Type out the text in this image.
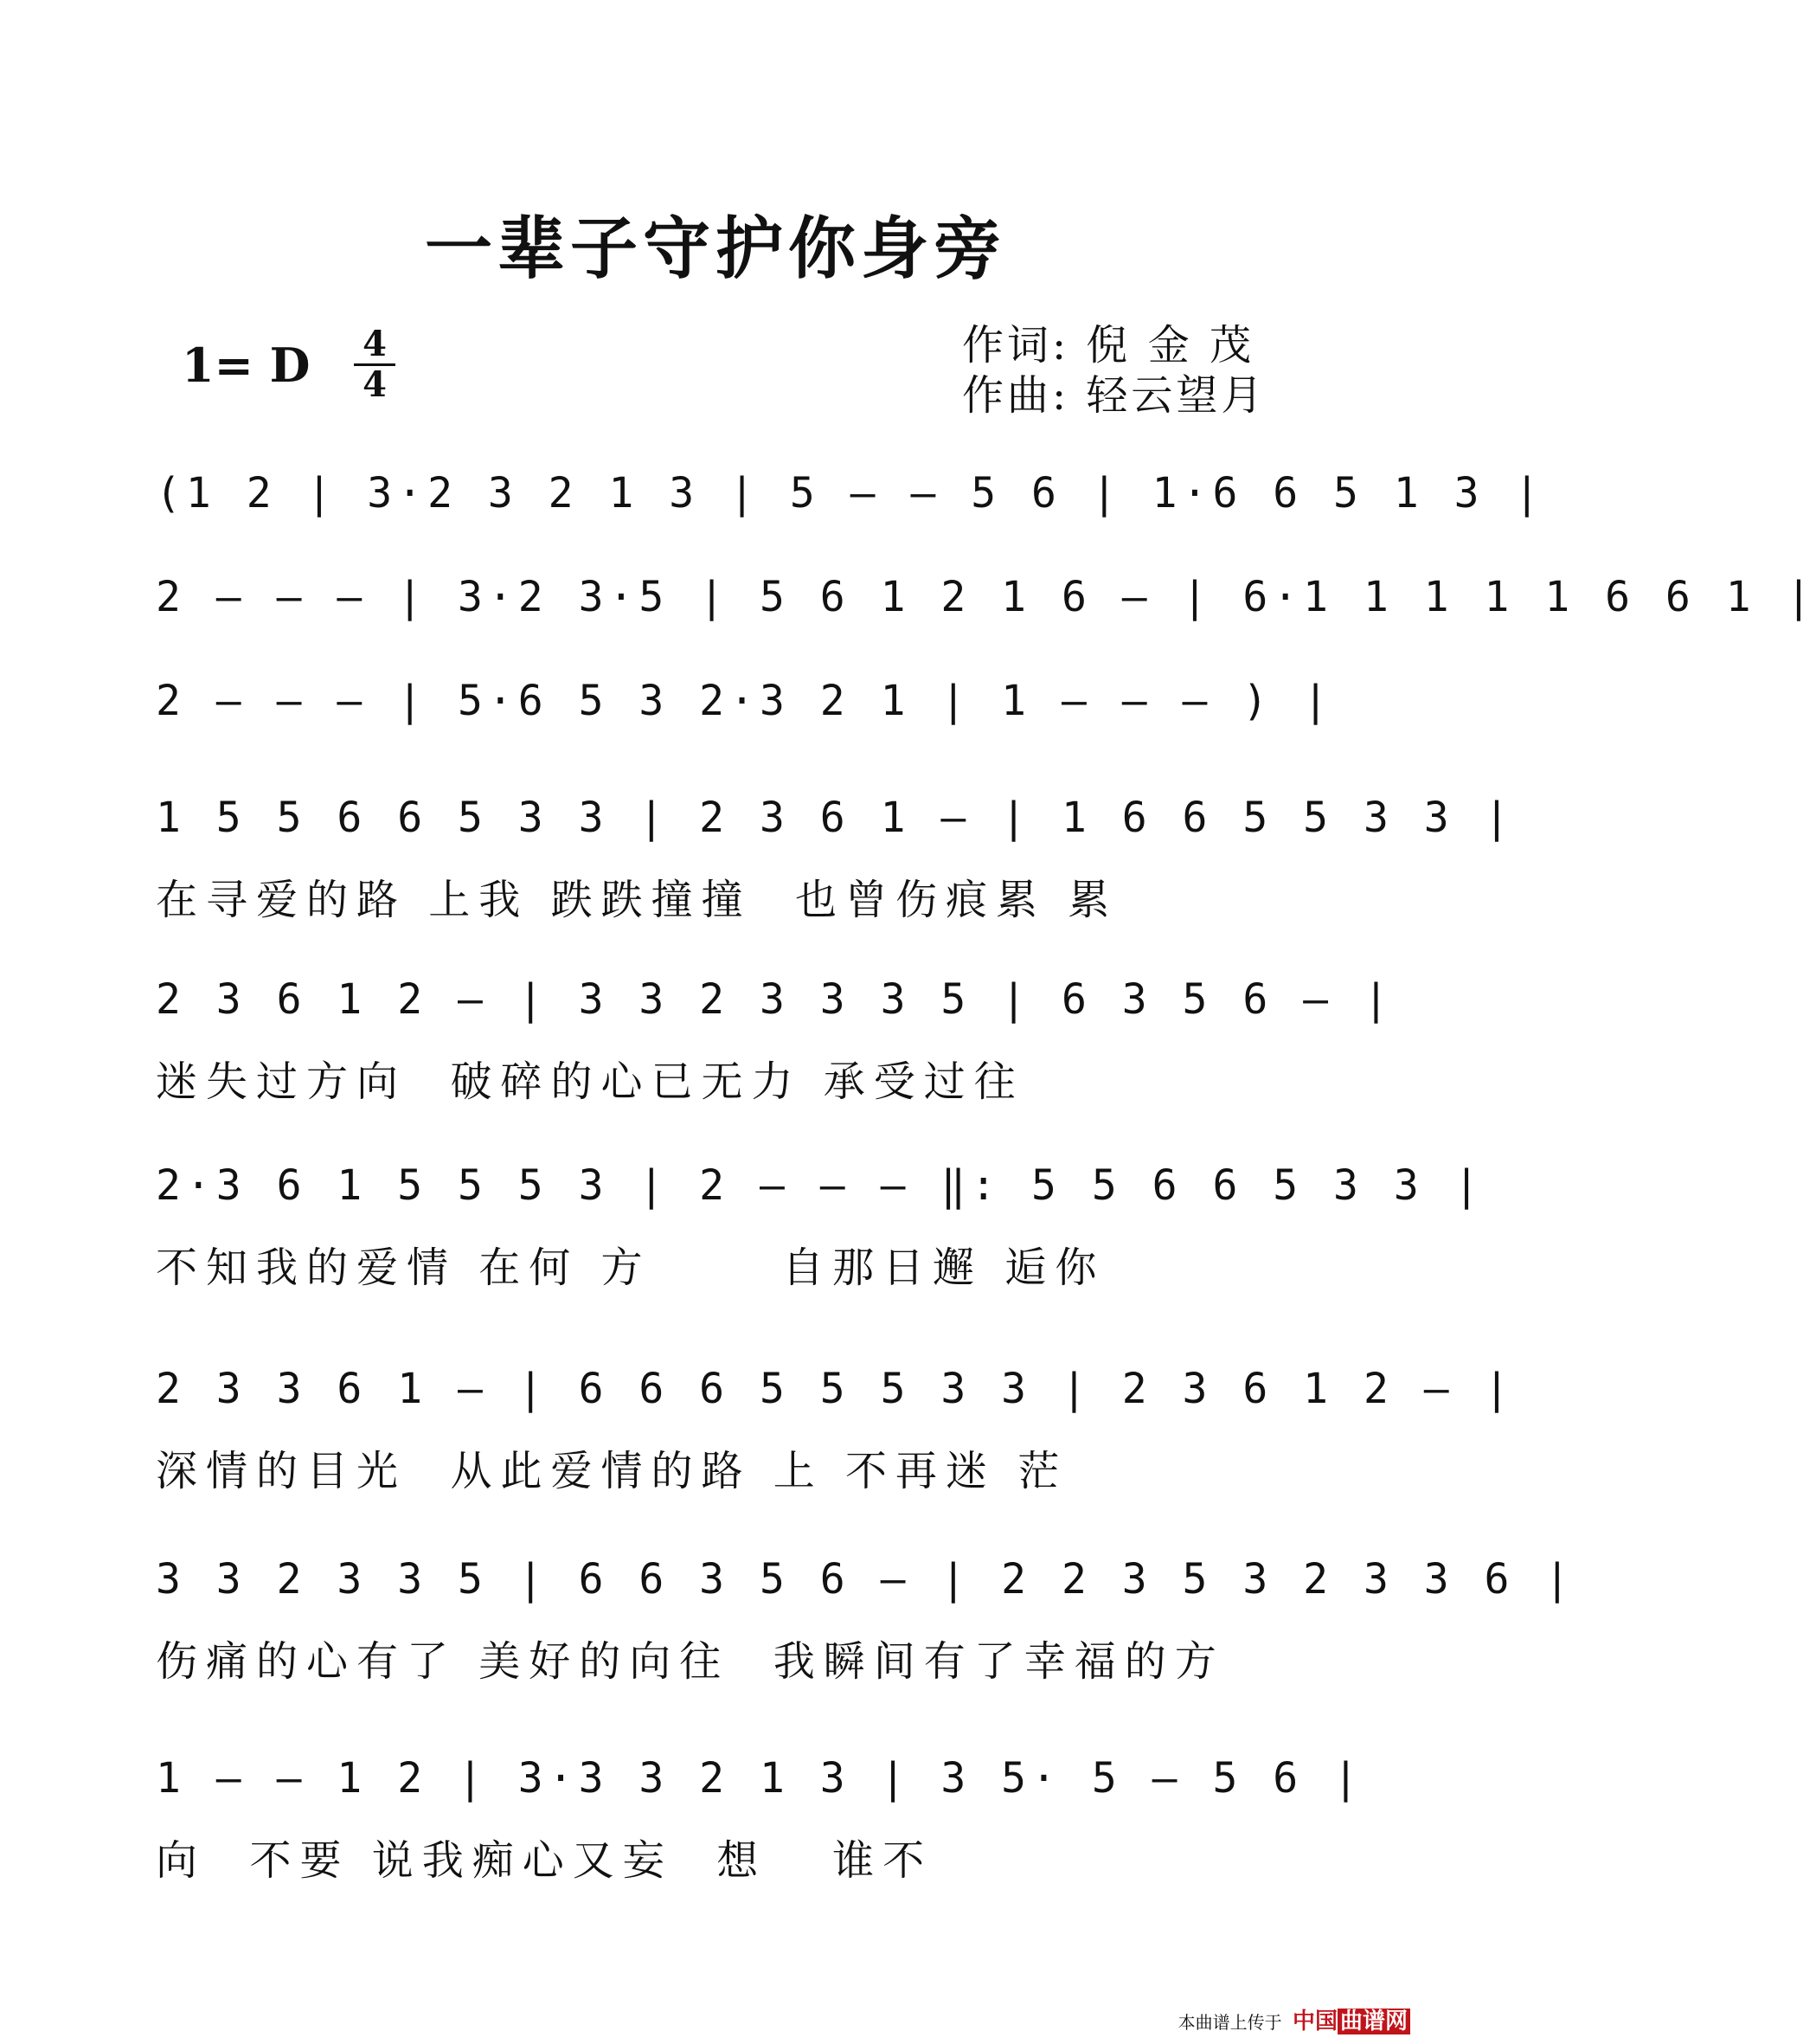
一辈子守护你身旁
1= D	4
4
作词: 倪 金 茂
作曲: 轻云望月
(1 2 | 3·2 3 2 1 3 | 5 — — 5 6 | 1·6 6 5 1 3 |
2 — — — | 3·2 3·5 | 5 6 1 2 1 6 — | 6·1 1 1 1 1 6 6 1 |
2 — — — | 5·6 5 3 2·3 2 1 | 1 — — — ) |
1 5 5 6 6 5 3 3 | 2 3 6 1 — | 1 6 6 5 5 3 3 |
在寻爱的路 上我 跌跌撞撞  也曾伤痕累 累
2 3 6 1 2 — | 3 3 2 3 3 3 5 | 6 3 5 6 — |
迷失过方向  破碎的心已无力 承受过往
2·3 6 1 5 5 5 3 | 2 — — — ‖: 5 5 6 6 5 3 3 |
不知我的爱情 在何 方      自那日邂 逅你
2 3 3 6 1 — | 6 6 6 5 5 5 3 3 | 2 3 6 1 2 — |
深情的目光  从此爱情的路 上 不再迷 茫
3 3 2 3 3 5 | 6 6 3 5 6 — | 2 2 3 5 3 2 3 3 6 |
伤痛的心有了 美好的向往  我瞬间有了幸福的方
1 — — 1 2 | 3·3 3 2 1 3 | 3 5· 5 — 5 6 |
向  不要 说我痴心又妄  想   谁不
本曲谱上传于 中国 曲谱网
